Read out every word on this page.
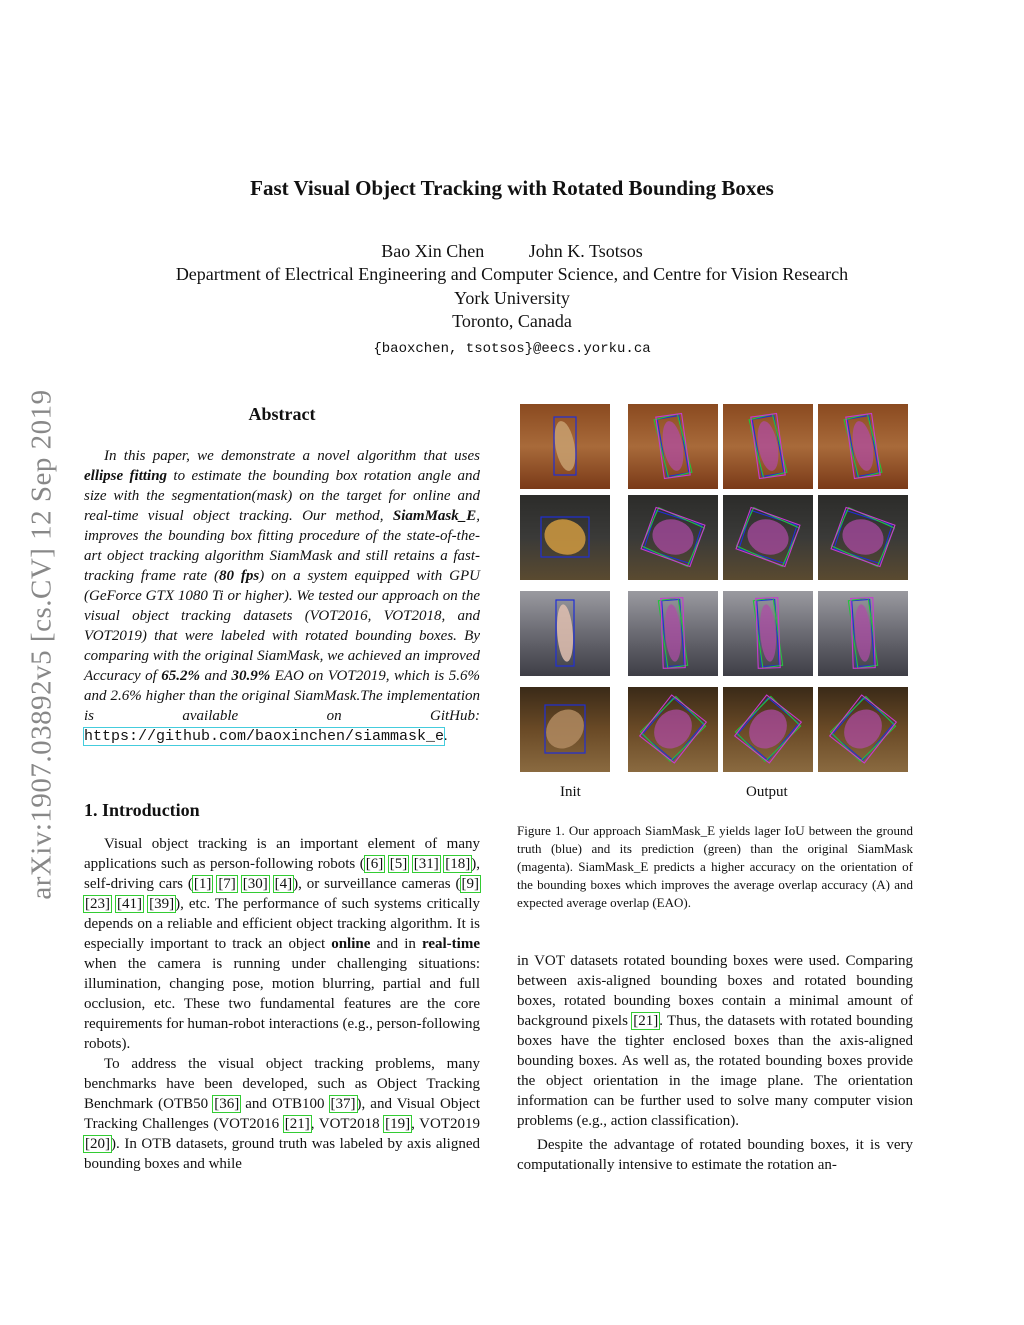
arXiv:1907.03892v5 [cs.CV] 12 Sep 2019
Fast Visual Object Tracking with Rotated Bounding Boxes
Bao Xin Chen John K. Tsotsos
Department of Electrical Engineering and Computer Science, and Centre for Vision Research
York University
Toronto, Canada
{baoxchen, tsotsos}@eecs.yorku.ca
Abstract
In this paper, we demonstrate a novel algorithm that uses ellipse fitting to estimate the bounding box rotation angle and size with the segmentation(mask) on the target for online and real-time visual object tracking. Our method, SiamMask_E, improves the bounding box fitting procedure of the state-of-the-art object tracking algorithm SiamMask and still retains a fast-tracking frame rate (80 fps) on a system equipped with GPU (GeForce GTX 1080 Ti or higher). We tested our approach on the visual object tracking datasets (VOT2016, VOT2018, and VOT2019) that were labeled with rotated bounding boxes. By comparing with the original SiamMask, we achieved an improved Accuracy of 65.2% and 30.9% EAO on VOT2019, which is 5.6% and 2.6% higher than the original SiamMask.The implementation is available on GitHub: https://github.com/baoxinchen/siammask_e.
1. Introduction

Visual object tracking is an important element of many applications such as person-following robots ([6] [5] [31] [18]), self-driving cars ([1] [7] [30] [4]), or surveillance cameras ([9] [23] [41] [39]), etc. The performance of such systems critically depends on a reliable and efficient object tracking algorithm. It is especially important to track an object online and in real-time when the camera is running under challenging situations: illumination, changing pose, motion blurring, partial and full occlusion, etc. These two fundamental features are the core requirements for human-robot interactions (e.g., person-following robots).

To address the visual object tracking problems, many benchmarks have been developed, such as Object Tracking Benchmark (OTB50 [36] and OTB100 [37]), and Visual Object Tracking Challenges (VOT2016 [21], VOT2018 [19], VOT2019 [20]). In OTB datasets, ground truth was labeled by axis aligned bounding boxes and while

Init	Output
Figure 1. Our approach SiamMask_E yields lager IoU between the ground truth (blue) and its prediction (green) than the original SiamMask (magenta). SiamMask_E predicts a higher accuracy on the orientation of the bounding boxes which improves the average overlap accuracy (A) and expected average overlap (EAO).

in VOT datasets rotated bounding boxes were used. Comparing between axis-aligned bounding boxes and rotated bounding boxes, rotated bounding boxes contain a minimal amount of background pixels [21]. Thus, the datasets with rotated bounding boxes have the tighter enclosed boxes than the axis-aligned bounding boxes. As well as, the rotated bounding boxes provide the object orientation in the image plane. The orientation information can be further used to solve many computer vision problems (e.g., action classification).

Despite the advantage of rotated bounding boxes, it is very computationally intensive to estimate the rotation an-
